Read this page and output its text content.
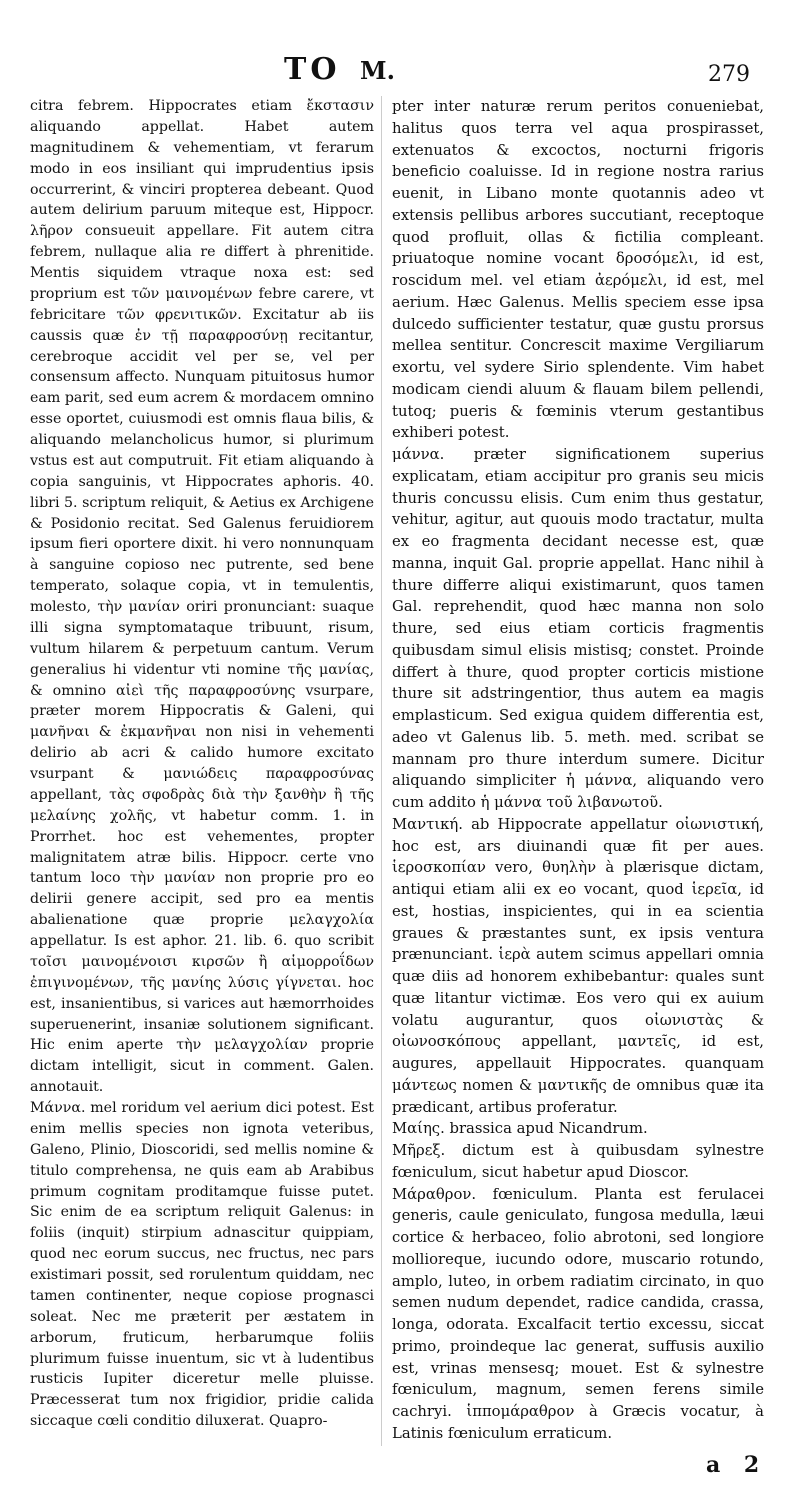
TO M.	279

citra febrem. Hippocrates etiam ἔκστασιν aliquando appellat. Habet autem magnitudinem & vehementiam, vt ferarum modo in eos insiliant qui imprudentius ipsis occurrerint, & vinciri propterea debeant. Quod autem delirium paruum miteque est, Hippocr. λῆρον consueuit appellare. Fit autem citra febrem, nullaque alia re differt à phrenitide. Mentis siquidem vtraque noxa est: sed proprium est τῶν μαινομένων febre carere, vt febricitare τῶν φρενιτικῶν. Excitatur ab iis caussis quæ ἐν τῇ παραφροσύνῃ recitantur, cerebroque accidit vel per se, vel per consensum affecto. Nunquam pituitosus humor eam parit, sed eum acrem & mordacem omnino esse oportet, cuiusmodi est omnis flaua bilis, & aliquando melancholicus humor, si plurimum vstus est aut computruit. Fit etiam aliquando à copia sanguinis, vt Hippocrates aphoris. 40. libri 5. scriptum reliquit, & Aetius ex Archigene & Posidonio recitat. Sed Galenus feruidiorem ipsum fieri oportere dixit. hi vero nonnunquam à sanguine copioso nec putrente, sed bene temperato, solaque copia, vt in temulentis, molesto, τὴν μανίαν oriri pronunciant: suaque illi signa symptomataque tribuunt, risum, vultum hilarem & perpetuum cantum. Verum generalius hi videntur vti nomine τῆς μανίας, & omnino αἰεὶ τῆς παραφροσύνης vsurpare, præter morem Hippocratis & Galeni, qui μανῆναι & ἐκμανῆναι non nisi in vehementi delirio ab acri & calido humore excitato vsurpant & μανιώδεις παραφροσύνας appellant, τὰς σφοδρὰς διὰ τὴν ξανθὴν ἢ τῆς μελαίνης χολῆς, vt habetur comm. 1. in Prorrhet. hoc est vehementes, propter malignitatem atræ bilis. Hippocr. certe vno tantum loco τὴν μανίαν non proprie pro eo delirii genere accipit, sed pro ea mentis abalienatione quæ proprie μελαγχολία appellatur. Is est aphor. 21. lib. 6. quo scribit τοῖσι μαινομένοισι κιρσῶν ἢ αἱμορροΐδων ἐπιγινομένων, τῆς μανίης λύσις γίγνεται. hoc est, insanientibus, si varices aut hæmorrhoides superuenerint, insaniæ solutionem significant. Hic enim aperte τὴν μελαγχολίαν proprie dictam intelligit, sicut in comment. Galen. annotauit.

Μάννα. mel roridum vel aerium dici potest. Est enim mellis species non ignota veteribus, Galeno, Plinio, Dioscoridi, sed mellis nomine & titulo comprehensa, ne quis eam ab Arabibus primum cognitam proditamque fuisse putet. Sic enim de ea scriptum reliquit Galenus: in foliis (inquit) stirpium adnascitur quippiam, quod nec eorum succus, nec fructus, nec pars existimari possit, sed rorulentum quiddam, nec tamen continenter, neque copiose prognasci soleat. Nec me præterit per æstatem in arborum, fruticum, herbarumque foliis plurimum fuisse inuentum, sic vt à ludentibus rusticis Iupiter diceretur melle pluisse. Præcesserat tum nox frigidior, pridie calida siccaque cœli conditio diluxerat. Quapro-

pter inter naturæ rerum peritos conueniebat, halitus quos terra vel aqua prospirasset, extenuatos & excoctos, nocturni frigoris beneficio coaluisse. Id in regione nostra rarius euenit, in Libano monte quotannis adeo vt extensis pellibus arbores succutiant, receptoque quod profluit, ollas & fictilia compleant. priuatoque nomine vocant δροσόμελι, id est, roscidum mel. vel etiam ἀερόμελι, id est, mel aerium. Hæc Galenus. Mellis speciem esse ipsa dulcedo sufficienter testatur, quæ gustu prorsus mellea sentitur. Concrescit maxime Vergiliarum exortu, vel sydere Sirio splendente. Vim habet modicam ciendi aluum & flauam bilem pellendi, tutoq; pueris & fœminis vterum gestantibus exhiberi potest.

μάννα. præter significationem superius explicatam, etiam accipitur pro granis seu micis thuris concussu elisis. Cum enim thus gestatur, vehitur, agitur, aut quouis modo tractatur, multa ex eo fragmenta decidant necesse est, quæ manna, inquit Gal. proprie appellat. Hanc nihil à thure differre aliqui existimarunt, quos tamen Gal. reprehendit, quod hæc manna non solo thure, sed eius etiam corticis fragmentis quibusdam simul elisis mistisq; constet. Proinde differt à thure, quod propter corticis mistione thure sit adstringentior, thus autem ea magis emplasticum. Sed exigua quidem differentia est, adeo vt Galenus lib. 5. meth. med. scribat se mannam pro thure interdum sumere. Dicitur aliquando simpliciter ἡ μάννα, aliquando vero cum addito ἡ μάννα τοῦ λιβανωτοῦ.

Μαντική. ab Hippocrate appellatur οἰωνιστική, hoc est, ars diuinandi quæ fit per aues. ἱεροσκοπίαν vero, θυηλὴν à plærisque dictam, antiqui etiam alii ex eo vocant, quod ἱερεῖα, id est, hostias, inspicientes, qui in ea scientia graues & præstantes sunt, ex ipsis ventura prænunciant. ἱερὰ autem scimus appellari omnia quæ diis ad honorem exhibebantur: quales sunt quæ litantur victimæ. Eos vero qui ex auium volatu augurantur, quos οἰωνιστὰς & οἰωνοσκόπους appellant, μαντεῖς, id est, augures, appellauit Hippocrates. quanquam μάντεως nomen & μαντικῆς de omnibus quæ ita prædicant, artibus proferatur.

Μαίης. brassica apud Nicandrum.

Μῆρεξ. dictum est à quibusdam sylnestre fœniculum, sicut habetur apud Dioscor.

Μάραθρον. fœniculum. Planta est ferulacei generis, caule geniculato, fungosa medulla, læui cortice & herbaceo, folio abrotoni, sed longiore mollioreque, iucundo odore, muscario rotundo, amplo, luteo, in orbem radiatim circinato, in quo semen nudum dependet, radice candida, crassa, longa, odorata. Excalfacit tertio excessu, siccat primo, proindeque lac generat, suffusis auxilio est, vrinas mensesq; mouet. Est & sylnestre fœniculum, magnum, semen ferens simile cachryi. ἱππομάραθρον à Græcis vocatur, à Latinis fœniculum erraticum.

a 2
